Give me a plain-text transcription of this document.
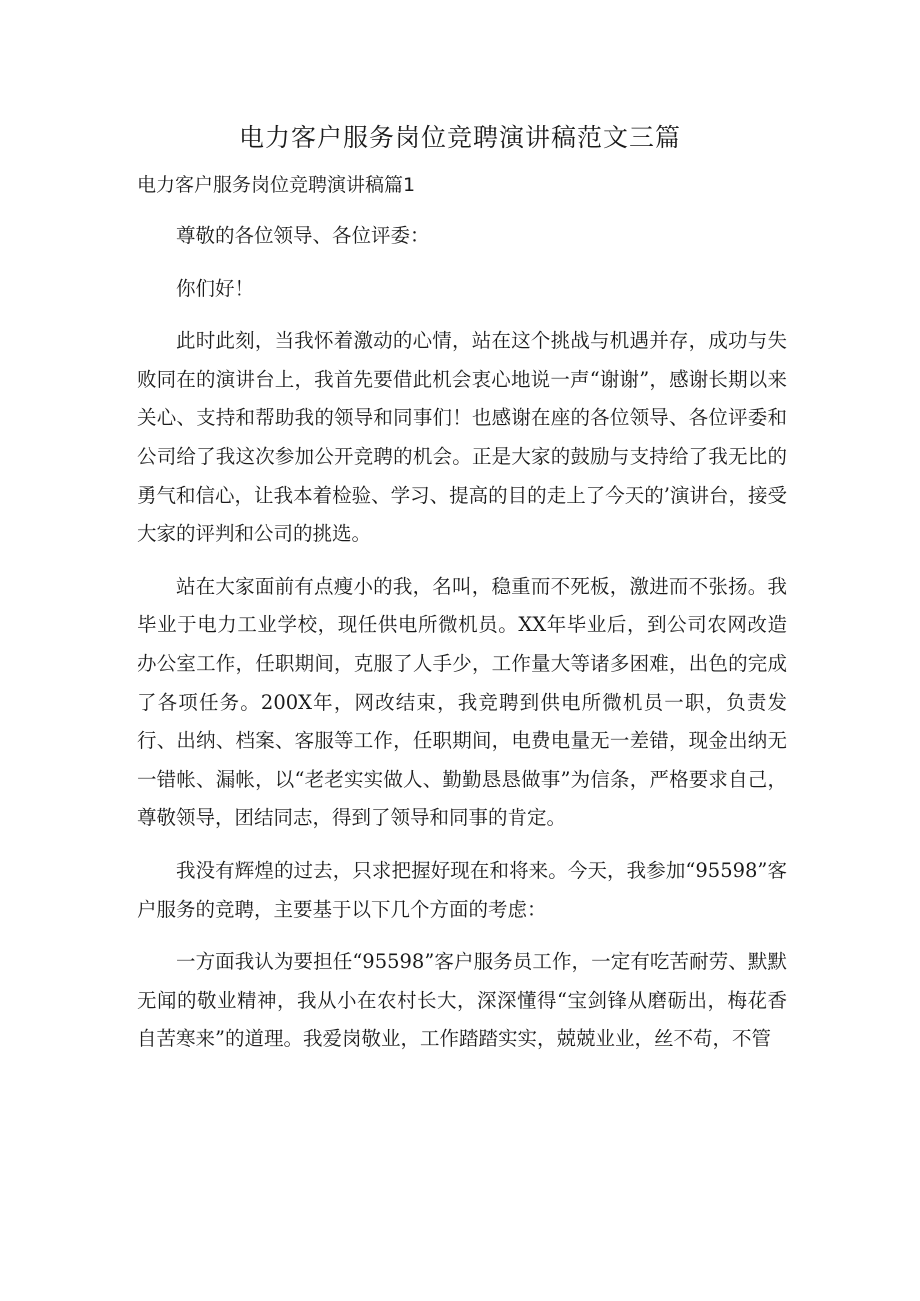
电力客户服务岗位竞聘演讲稿范文三篇
电力客户服务岗位竞聘演讲稿篇1

尊敬的各位领导、各位评委：

你们好！

此时此刻，当我怀着激动的心情，站在这个挑战与机遇并存，成功与失败同在的演讲台上，我首先要借此机会衷心地说一声“谢谢”，感谢长期以来关心、支持和帮助我的领导和同事们！也感谢在座的各位领导、各位评委和公司给了我这次参加公开竞聘的机会。正是大家的鼓励与支持给了我无比的勇气和信心，让我本着检验、学习、提高的目的走上了今天的’演讲台，接受大家的评判和公司的挑选。

站在大家面前有点瘦小的我，名叫，稳重而不死板，激进而不张扬。我毕业于电力工业学校，现任供电所微机员。XX年毕业后，到公司农网改造办公室工作，任职期间，克服了人手少，工作量大等诸多困难，出色的完成了各项任务。200X年，网改结束，我竞聘到供电所微机员一职，负责发行、出纳、档案、客服等工作，任职期间，电费电量无一差错，现金出纳无一错帐、漏帐，以“老老实实做人、勤勤恳恳做事”为信条，严格要求自己，尊敬领导，团结同志，得到了领导和同事的肯定。

我没有辉煌的过去，只求把握好现在和将来。今天，我参加“95598”客户服务的竞聘，主要基于以下几个方面的考虑：

一方面我认为要担任“95598”客户服务员工作，一定有吃苦耐劳、默默无闻的敬业精神，我从小在农村长大，深深懂得“宝剑锋从磨砺出，梅花香自苦寒来”的道理。我爱岗敬业，工作踏踏实实，兢兢业业，丝不苟，不管
